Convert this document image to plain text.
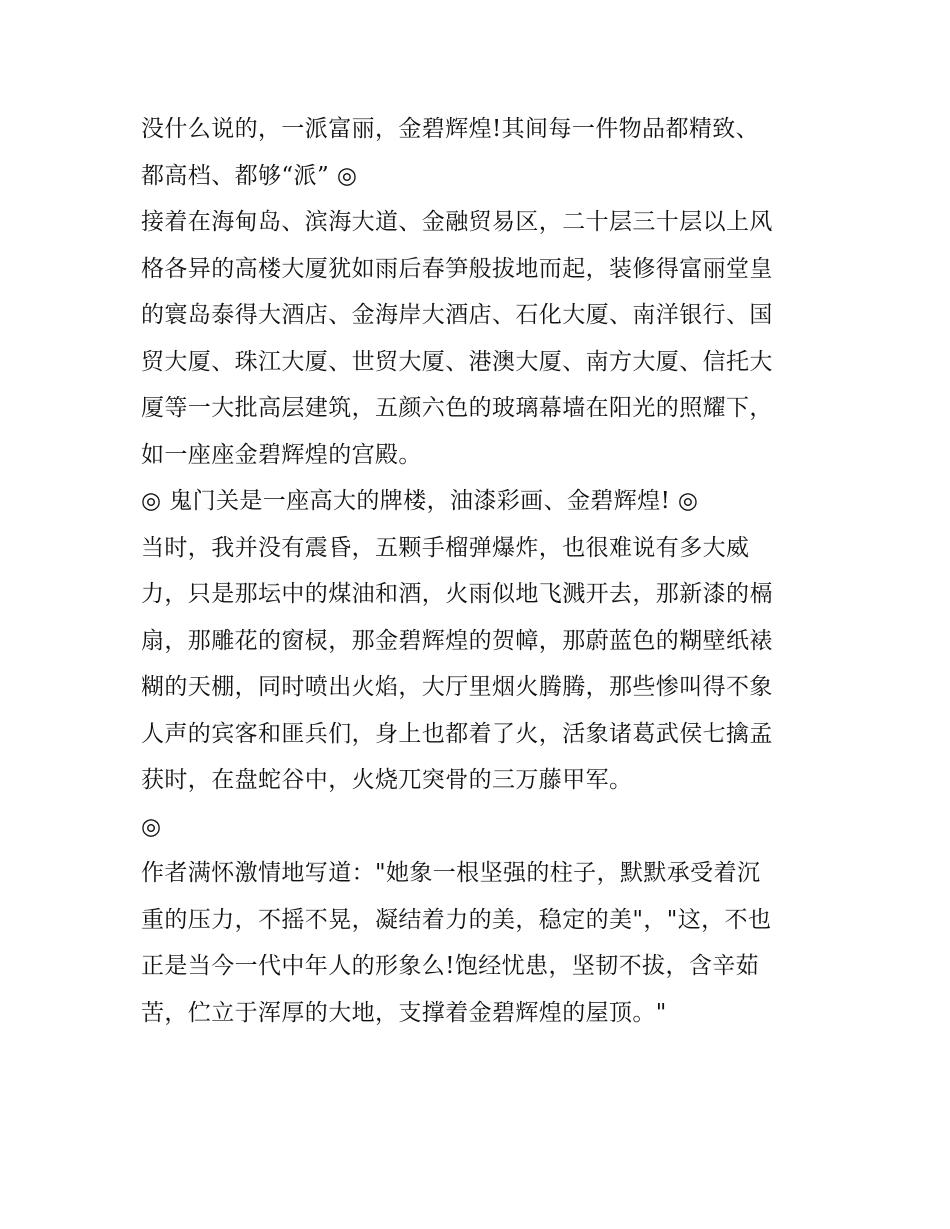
没什么说的，一派富丽，金碧辉煌!其间每一件物品都精致、
都高档、都够“派” ◎
接着在海甸岛、滨海大道、金融贸易区，二十层三十层以上风
格各异的高楼大厦犹如雨后春笋般拔地而起，装修得富丽堂皇
的寰岛泰得大酒店、金海岸大酒店、石化大厦、南洋银行、国
贸大厦、珠江大厦、世贸大厦、港澳大厦、南方大厦、信托大
厦等一大批高层建筑，五颜六色的玻璃幕墙在阳光的照耀下，
如一座座金碧辉煌的宫殿。
◎ 鬼门关是一座高大的牌楼，油漆彩画、金碧辉煌! ◎
当时，我并没有震昏，五颗手榴弹爆炸，也很难说有多大威
力，只是那坛中的煤油和酒，火雨似地飞溅开去，那新漆的槅
扇，那雕花的窗棂，那金碧辉煌的贺幛，那蔚蓝色的糊壁纸裱
糊的天棚，同时喷出火焰，大厅里烟火腾腾，那些惨叫得不象
人声的宾客和匪兵们，身上也都着了火，活象诸葛武侯七擒孟
获时，在盘蛇谷中，火烧兀突骨的三万藤甲军。
◎
作者满怀激情地写道："她象一根坚强的柱子，默默承受着沉
重的压力，不摇不晃，凝结着力的美，稳定的美"，"这，不也
正是当今一代中年人的形象么!饱经忧患，坚韧不拔，含辛茹
苦，伫立于浑厚的大地，支撑着金碧辉煌的屋顶。"
